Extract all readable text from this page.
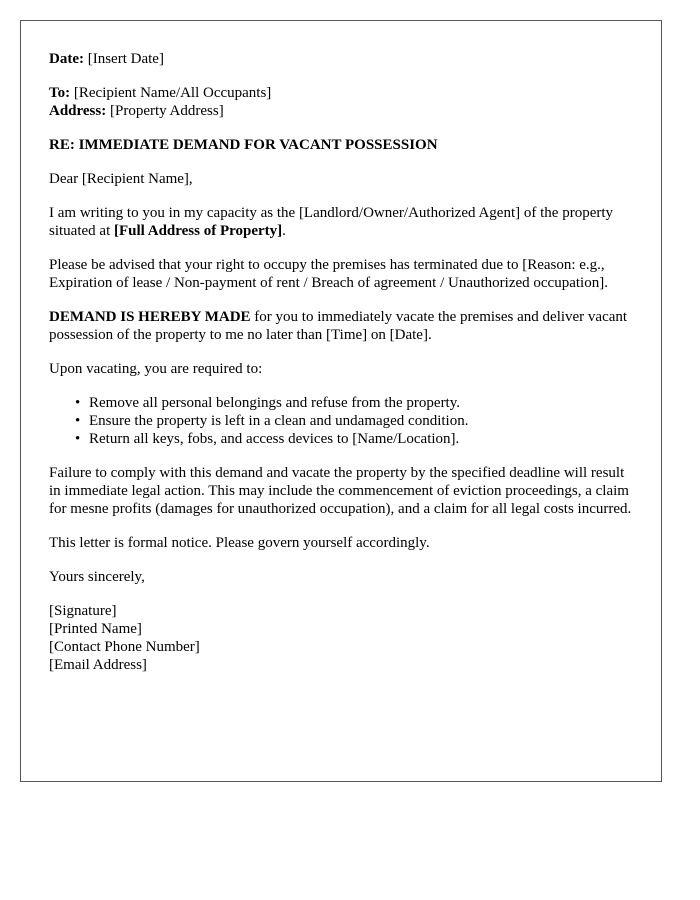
Date: [Insert Date]

To: [Recipient Name/All Occupants]

Address: [Property Address]

RE: IMMEDIATE DEMAND FOR VACANT POSSESSION

Dear [Recipient Name],

I am writing to you in my capacity as the [Landlord/Owner/Authorized Agent] of the property situated at [Full Address of Property].

Please be advised that your right to occupy the premises has terminated due to [Reason: e.g., Expiration of lease / Non-payment of rent / Breach of agreement / Unauthorized occupation].

DEMAND IS HEREBY MADE for you to immediately vacate the premises and deliver vacant possession of the property to me no later than [Time] on [Date].

Upon vacating, you are required to:

• Remove all personal belongings and refuse from the property.
• Ensure the property is left in a clean and undamaged condition.
• Return all keys, fobs, and access devices to [Name/Location].

Failure to comply with this demand and vacate the property by the specified deadline will result in immediate legal action. This may include the commencement of eviction proceedings, a claim for mesne profits (damages for unauthorized occupation), and a claim for all legal costs incurred.

This letter is formal notice. Please govern yourself accordingly.

Yours sincerely,

[Signature]
[Printed Name]
[Contact Phone Number]
[Email Address]
